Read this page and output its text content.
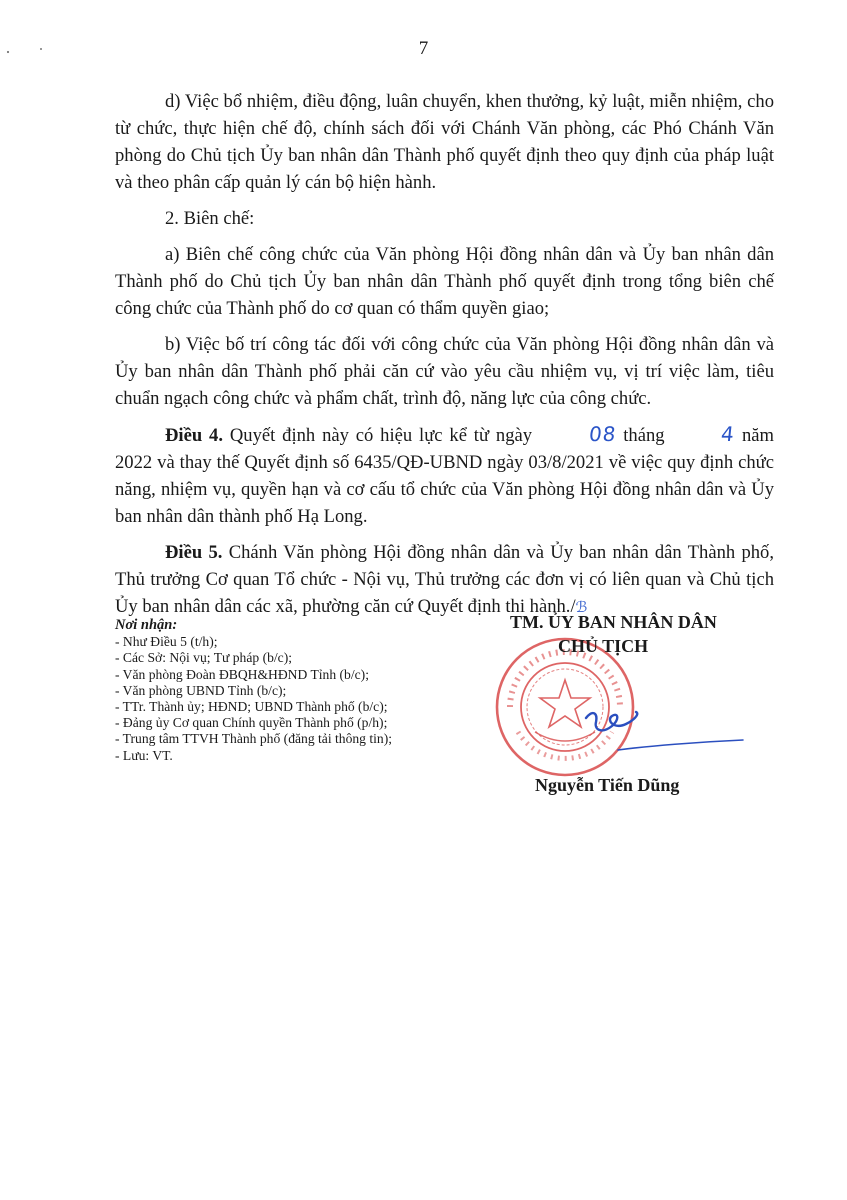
7

d) Việc bổ nhiệm, điều động, luân chuyển, khen thưởng, kỷ luật, miễn nhiệm, cho từ chức, thực hiện chế độ, chính sách đối với Chánh Văn phòng, các Phó Chánh Văn phòng do Chủ tịch Ủy ban nhân dân Thành phố quyết định theo quy định của pháp luật và theo phân cấp quản lý cán bộ hiện hành.

2. Biên chế:

a) Biên chế công chức của Văn phòng Hội đồng nhân dân và Ủy ban nhân dân Thành phố do Chủ tịch Ủy ban nhân dân Thành phố quyết định trong tổng biên chế công chức của Thành phố do cơ quan có thẩm quyền giao;

b) Việc bố trí công tác đối với công chức của Văn phòng Hội đồng nhân dân và Ủy ban nhân dân Thành phố phải căn cứ vào yêu cầu nhiệm vụ, vị trí việc làm, tiêu chuẩn ngạch công chức và phẩm chất, trình độ, năng lực của công chức.

Điều 4. Quyết định này có hiệu lực kể từ ngày 08 tháng 4 năm 2022 và thay thế Quyết định số 6435/QĐ-UBND ngày 03/8/2021 về việc quy định chức năng, nhiệm vụ, quyền hạn và cơ cấu tổ chức của Văn phòng Hội đồng nhân dân và Ủy ban nhân dân thành phố Hạ Long.

Điều 5. Chánh Văn phòng Hội đồng nhân dân và Ủy ban nhân dân Thành phố, Thủ trưởng Cơ quan Tổ chức - Nội vụ, Thủ trưởng các đơn vị có liên quan và Chủ tịch Ủy ban nhân dân các xã, phường căn cứ Quyết định thi hành./ℬ

Nơi nhận:
- Như Điều 5 (t/h);
- Các Sở: Nội vụ; Tư pháp (b/c);
- Văn phòng Đoàn ĐBQH&HĐND Tỉnh (b/c);
- Văn phòng UBND Tỉnh (b/c);
- TTr. Thành ủy; HĐND; UBND Thành phố (b/c);
- Đảng ủy Cơ quan Chính quyền Thành phố (p/h);
- Trung tâm TTVH Thành phố (đăng tải thông tin);
- Lưu: VT.
TM. ỦY BAN NHÂN DÂN
CHỦ TỊCH
Nguyễn Tiến Dũng
